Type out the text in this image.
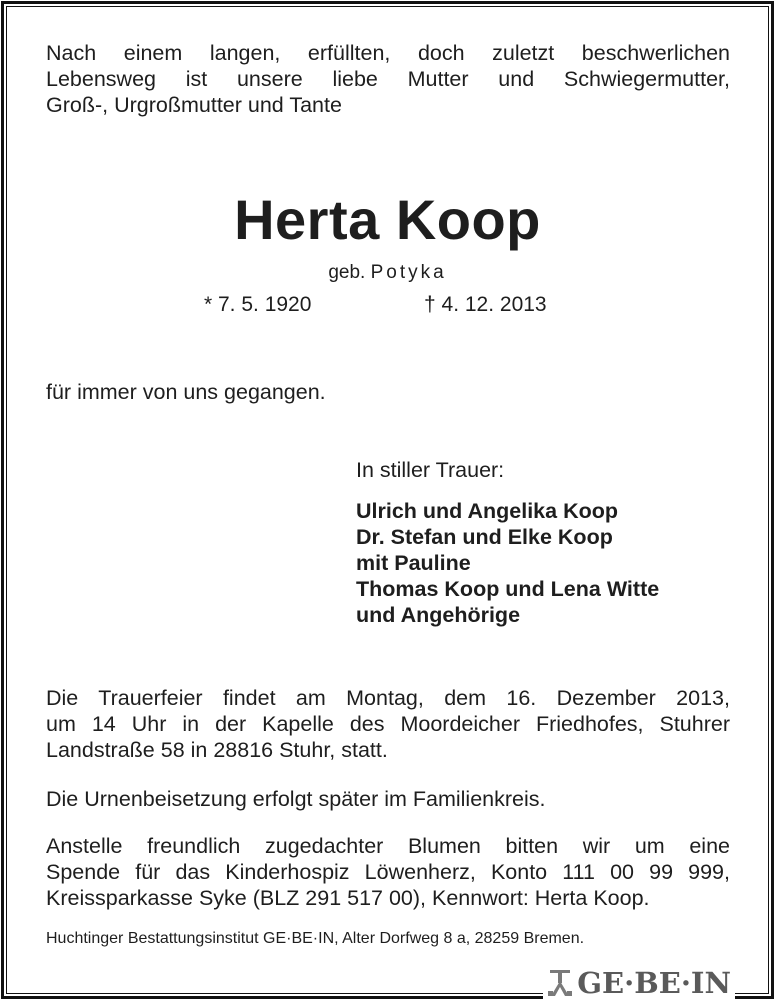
Nach einem langen, erfüllten, doch zuletzt beschwerlichen
Lebensweg ist unsere liebe Mutter und Schwiegermutter,
Groß-, Urgroßmutter und Tante

Herta Koop
geb. Potyka
* 7. 5. 1920	† 4. 12. 2013
für immer von uns gegangen.
In stiller Trauer:
Ulrich und Angelika Koop
Dr. Stefan und Elke Koop
mit Pauline
Thomas Koop und Lena Witte
und Angehörige

Die Trauerfeier findet am Montag, dem 16. Dezember 2013,
um 14 Uhr in der Kapelle des Moordeicher Friedhofes, Stuhrer
Landstraße 58 in 28816 Stuhr, statt.

Die Urnenbeisetzung erfolgt später im Familienkreis.

Anstelle freundlich zugedachter Blumen bitten wir um eine
Spende für das Kinderhospiz Löwenherz, Konto 111 00 99 999,
Kreissparkasse Syke (BLZ 291 517 00), Kennwort: Herta Koop.

Huchtinger Bestattungsinstitut GE·BE·IN, Alter Dorfweg 8 a, 28259 Bremen.
GE·BE·IN
